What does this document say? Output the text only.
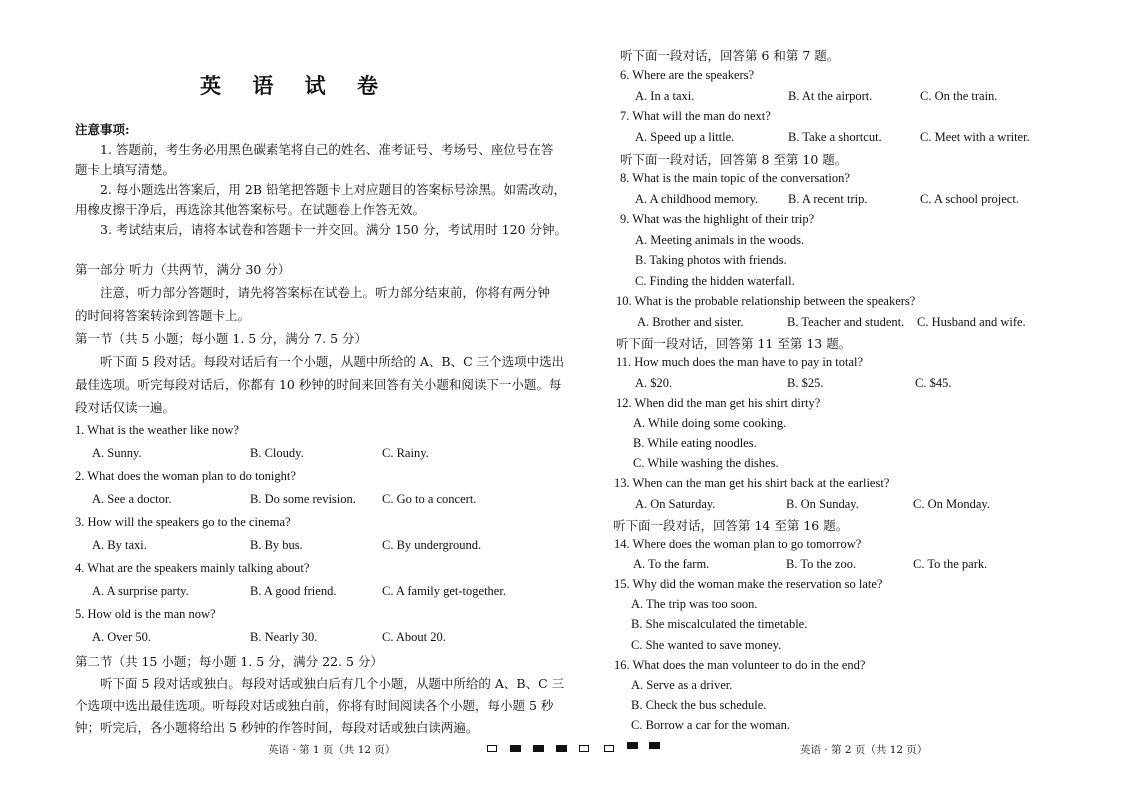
英 语 试 卷
注意事项:
1. 答题前，考生务必用黑色碳素笔将自己的姓名、准考证号、考场号、座位号在答
题卡上填写清楚。
2. 每小题选出答案后，用 2B 铅笔把答题卡上对应题目的答案标号涂黑。如需改动，
用橡皮擦干净后，再选涂其他答案标号。在试题卷上作答无效。
3. 考试结束后，请将本试卷和答题卡一并交回。满分 150 分，考试用时 120 分钟。
第一部分 听力（共两节，满分 30 分）
注意，听力部分答题时，请先将答案标在试卷上。听力部分结束前，你将有两分钟
的时间将答案转涂到答题卡上。
第一节（共 5 小题；每小题 1. 5 分，满分 7. 5 分）
听下面 5 段对话。每段对话后有一个小题，从题中所给的 A、B、C 三个选项中选出
最佳选项。听完每段对话后，你都有 10 秒钟的时间来回答有关小题和阅读下一小题。每
段对话仅读一遍。
1. What is the weather like now?
A. Sunny.	B. Cloudy.	C. Rainy.
2. What does the woman plan to do tonight?
A. See a doctor.	B. Do some revision. C. Go to a concert.
3. How will the speakers go to the cinema?
A. By taxi.	B. By bus.	C. By underground.
4. What are the speakers mainly talking about?
A. A surprise party.	B. A good friend.	C. A family get-together.
5. How old is the man now?
A. Over 50.	B. Nearly 30.	C. About 20.
第二节（共 15 小题；每小题 1. 5 分，满分 22. 5 分）
听下面 5 段对话或独白。每段对话或独白后有几个小题，从题中所给的 A、B、C 三
个选项中选出最佳选项。听每段对话或独白前，你将有时间阅读各个小题，每小题 5 秒
钟；听完后，各小题将给出 5 秒钟的作答时间，每段对话或独白读两遍。
英语 · 第 1 页（共 12 页）
听下面一段对话，回答第 6 和第 7 题。
6. Where are the speakers?
A. In a taxi.	B. At the airport.	C. On the train.
7. What will the man do next?
A. Speed up a little.	B. Take a shortcut.	C. Meet with a writer.
听下面一段对话，回答第 8 至第 10 题。
8. What is the main topic of the conversation?
A. A childhood memory. B. A recent trip.	C. A school project.
9. What was the highlight of their trip?
A. Meeting animals in the woods.
B. Taking photos with friends.
C. Finding the hidden waterfall.
10. What is the probable relationship between the speakers?
A. Brother and sister.	B. Teacher and student. C. Husband and wife.
听下面一段对话，回答第 11 至第 13 题。
11. How much does the man have to pay in total?
A. $20.	B. $25.	C. $45.
12. When did the man get his shirt dirty?
A. While doing some cooking.
B. While eating noodles.
C. While washing the dishes.
13. When can the man get his shirt back at the earliest?
A. On Saturday.	B. On Sunday.	C. On Monday.
听下面一段对话，回答第 14 至第 16 题。
14. Where does the woman plan to go tomorrow?
A. To the farm.	B. To the zoo.	C. To the park.
15. Why did the woman make the reservation so late?
A. The trip was too soon.
B. She miscalculated the timetable.
C. She wanted to save money.
16. What does the man volunteer to do in the end?
A. Serve as a driver.
B. Check the bus schedule.
C. Borrow a car for the woman.
英语 · 第 2 页（共 12 页）
